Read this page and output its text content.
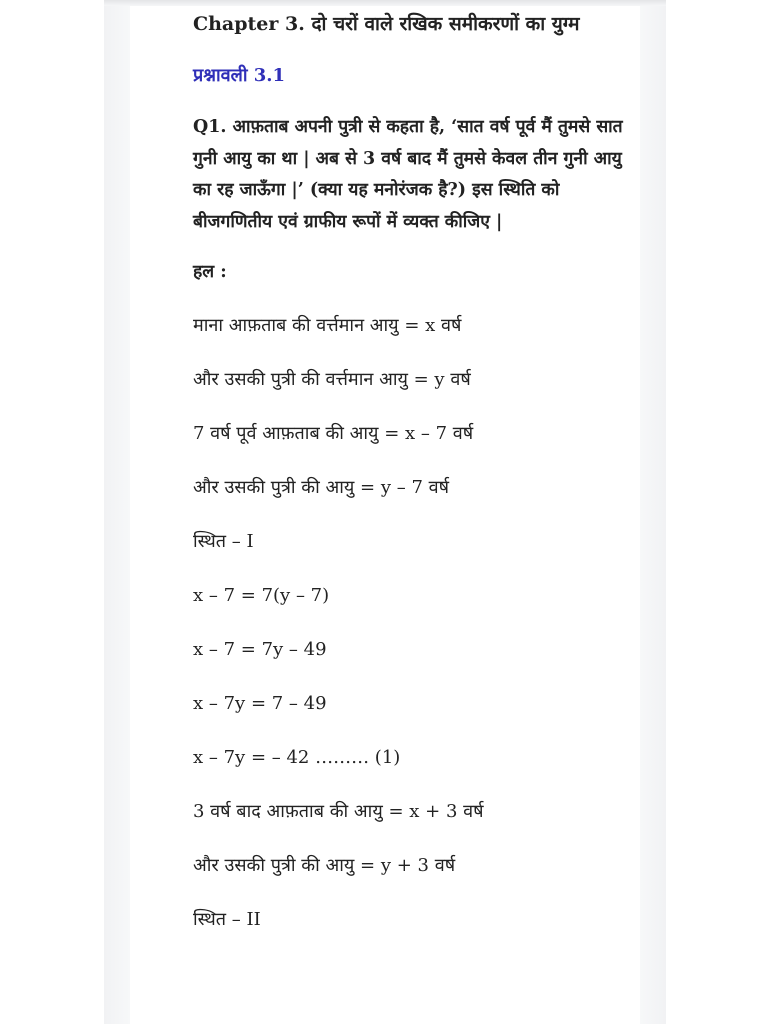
Chapter 3. दो चरों वाले रखिक समीकरणों का युग्म
प्रश्नावली 3.1

Q1. आफ़ताब अपनी पुत्री से कहता है, ‘सात वर्ष पूर्व मैं तुमसे सात गुनी आयु का था | अब से 3 वर्ष बाद मैं तुमसे केवल तीन गुनी आयु का रह जाऊँगा |’ (क्या यह मनोरंजक है?) इस स्थिति को बीजगणितीय एवं ग्राफीय रूपों में व्यक्त कीजिए |

हल :

माना आफ़ताब की वर्त्तमान आयु = x वर्ष

और उसकी पुत्री की वर्त्तमान आयु = y वर्ष

7 वर्ष पूर्व आफ़ताब की आयु = x – 7 वर्ष

और उसकी पुत्री की आयु = y – 7 वर्ष

स्थित – I

x – 7 = 7(y – 7)

x – 7 = 7y – 49

x – 7y = 7 – 49

x – 7y = – 42 ……… (1)

3 वर्ष बाद आफ़ताब की आयु = x + 3 वर्ष

और उसकी पुत्री की आयु = y + 3 वर्ष

स्थित – II
